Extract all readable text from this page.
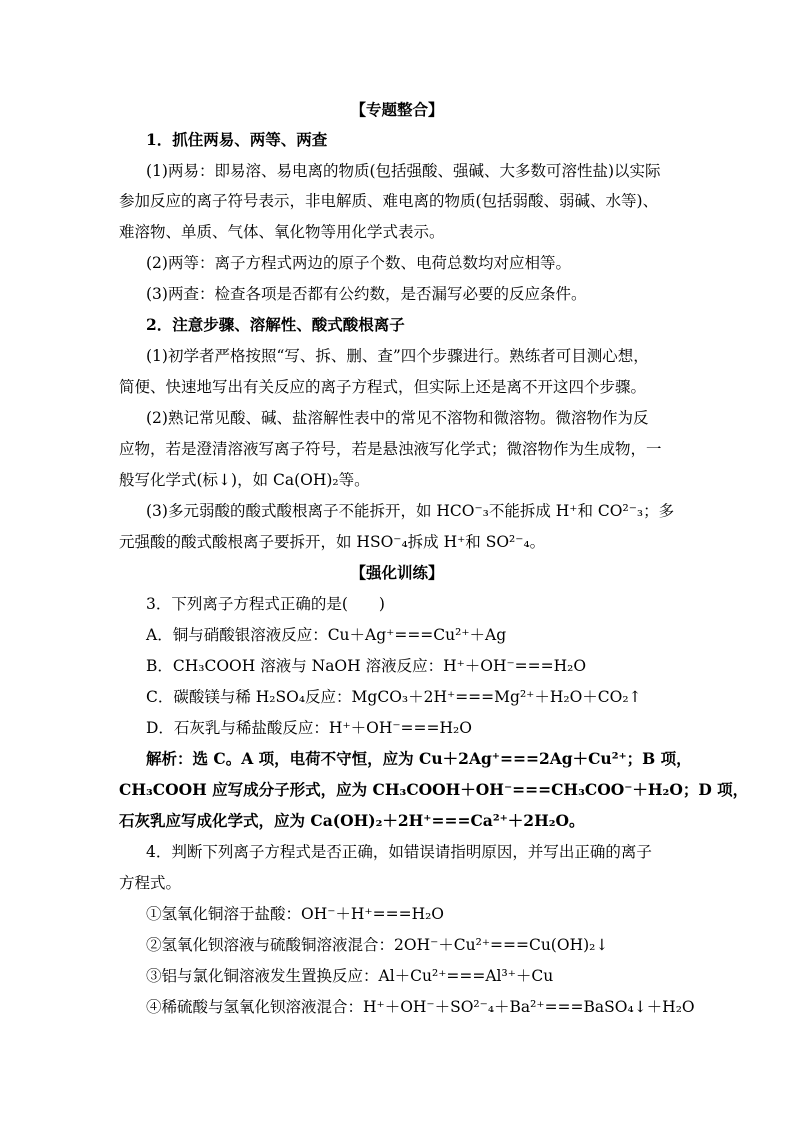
【专题整合】
1．抓住两易、两等、两查
(1)两易：即易溶、易电离的物质(包括强酸、强碱、大多数可溶性盐)以实际
参加反应的离子符号表示，非电解质、难电离的物质(包括弱酸、弱碱、水等)、
难溶物、单质、气体、氧化物等用化学式表示。
(2)两等：离子方程式两边的原子个数、电荷总数均对应相等。
(3)两查：检查各项是否都有公约数，是否漏写必要的反应条件。
2．注意步骤、溶解性、酸式酸根离子
(1)初学者严格按照“写、拆、删、查”四个步骤进行。熟练者可目测心想，
简便、快速地写出有关反应的离子方程式，但实际上还是离不开这四个步骤。
(2)熟记常见酸、碱、盐溶解性表中的常见不溶物和微溶物。微溶物作为反
应物，若是澄清溶液写离子符号，若是悬浊液写化学式；微溶物作为生成物，一
般写化学式(标↓)，如 Ca(OH)₂等。
(3)多元弱酸的酸式酸根离子不能拆开，如 HCO⁻₃不能拆成 H⁺和 CO²⁻₃；多
元强酸的酸式酸根离子要拆开，如 HSO⁻₄拆成 H⁺和 SO²⁻₄。
【强化训练】
3．下列离子方程式正确的是(　　)
A．铜与硝酸银溶液反应：Cu＋Ag⁺===Cu²⁺＋Ag
B．CH₃COOH 溶液与 NaOH 溶液反应：H⁺＋OH⁻===H₂O
C．碳酸镁与稀 H₂SO₄反应：MgCO₃＋2H⁺===Mg²⁺＋H₂O＋CO₂↑
D．石灰乳与稀盐酸反应：H⁺＋OH⁻===H₂O
解析：选 C。A 项，电荷不守恒，应为 Cu＋2Ag⁺===2Ag＋Cu²⁺；B 项，
CH₃COOH 应写成分子形式，应为 CH₃COOH＋OH⁻===CH₃COO⁻＋H₂O；D 项，
石灰乳应写成化学式，应为 Ca(OH)₂＋2H⁺===Ca²⁺＋2H₂O。
4．判断下列离子方程式是否正确，如错误请指明原因，并写出正确的离子
方程式。
①氢氧化铜溶于盐酸：OH⁻＋H⁺===H₂O
②氢氧化钡溶液与硫酸铜溶液混合：2OH⁻＋Cu²⁺===Cu(OH)₂↓
③铝与氯化铜溶液发生置换反应：Al＋Cu²⁺===Al³⁺＋Cu
④稀硫酸与氢氧化钡溶液混合：H⁺＋OH⁻＋SO²⁻₄＋Ba²⁺===BaSO₄↓＋H₂O
